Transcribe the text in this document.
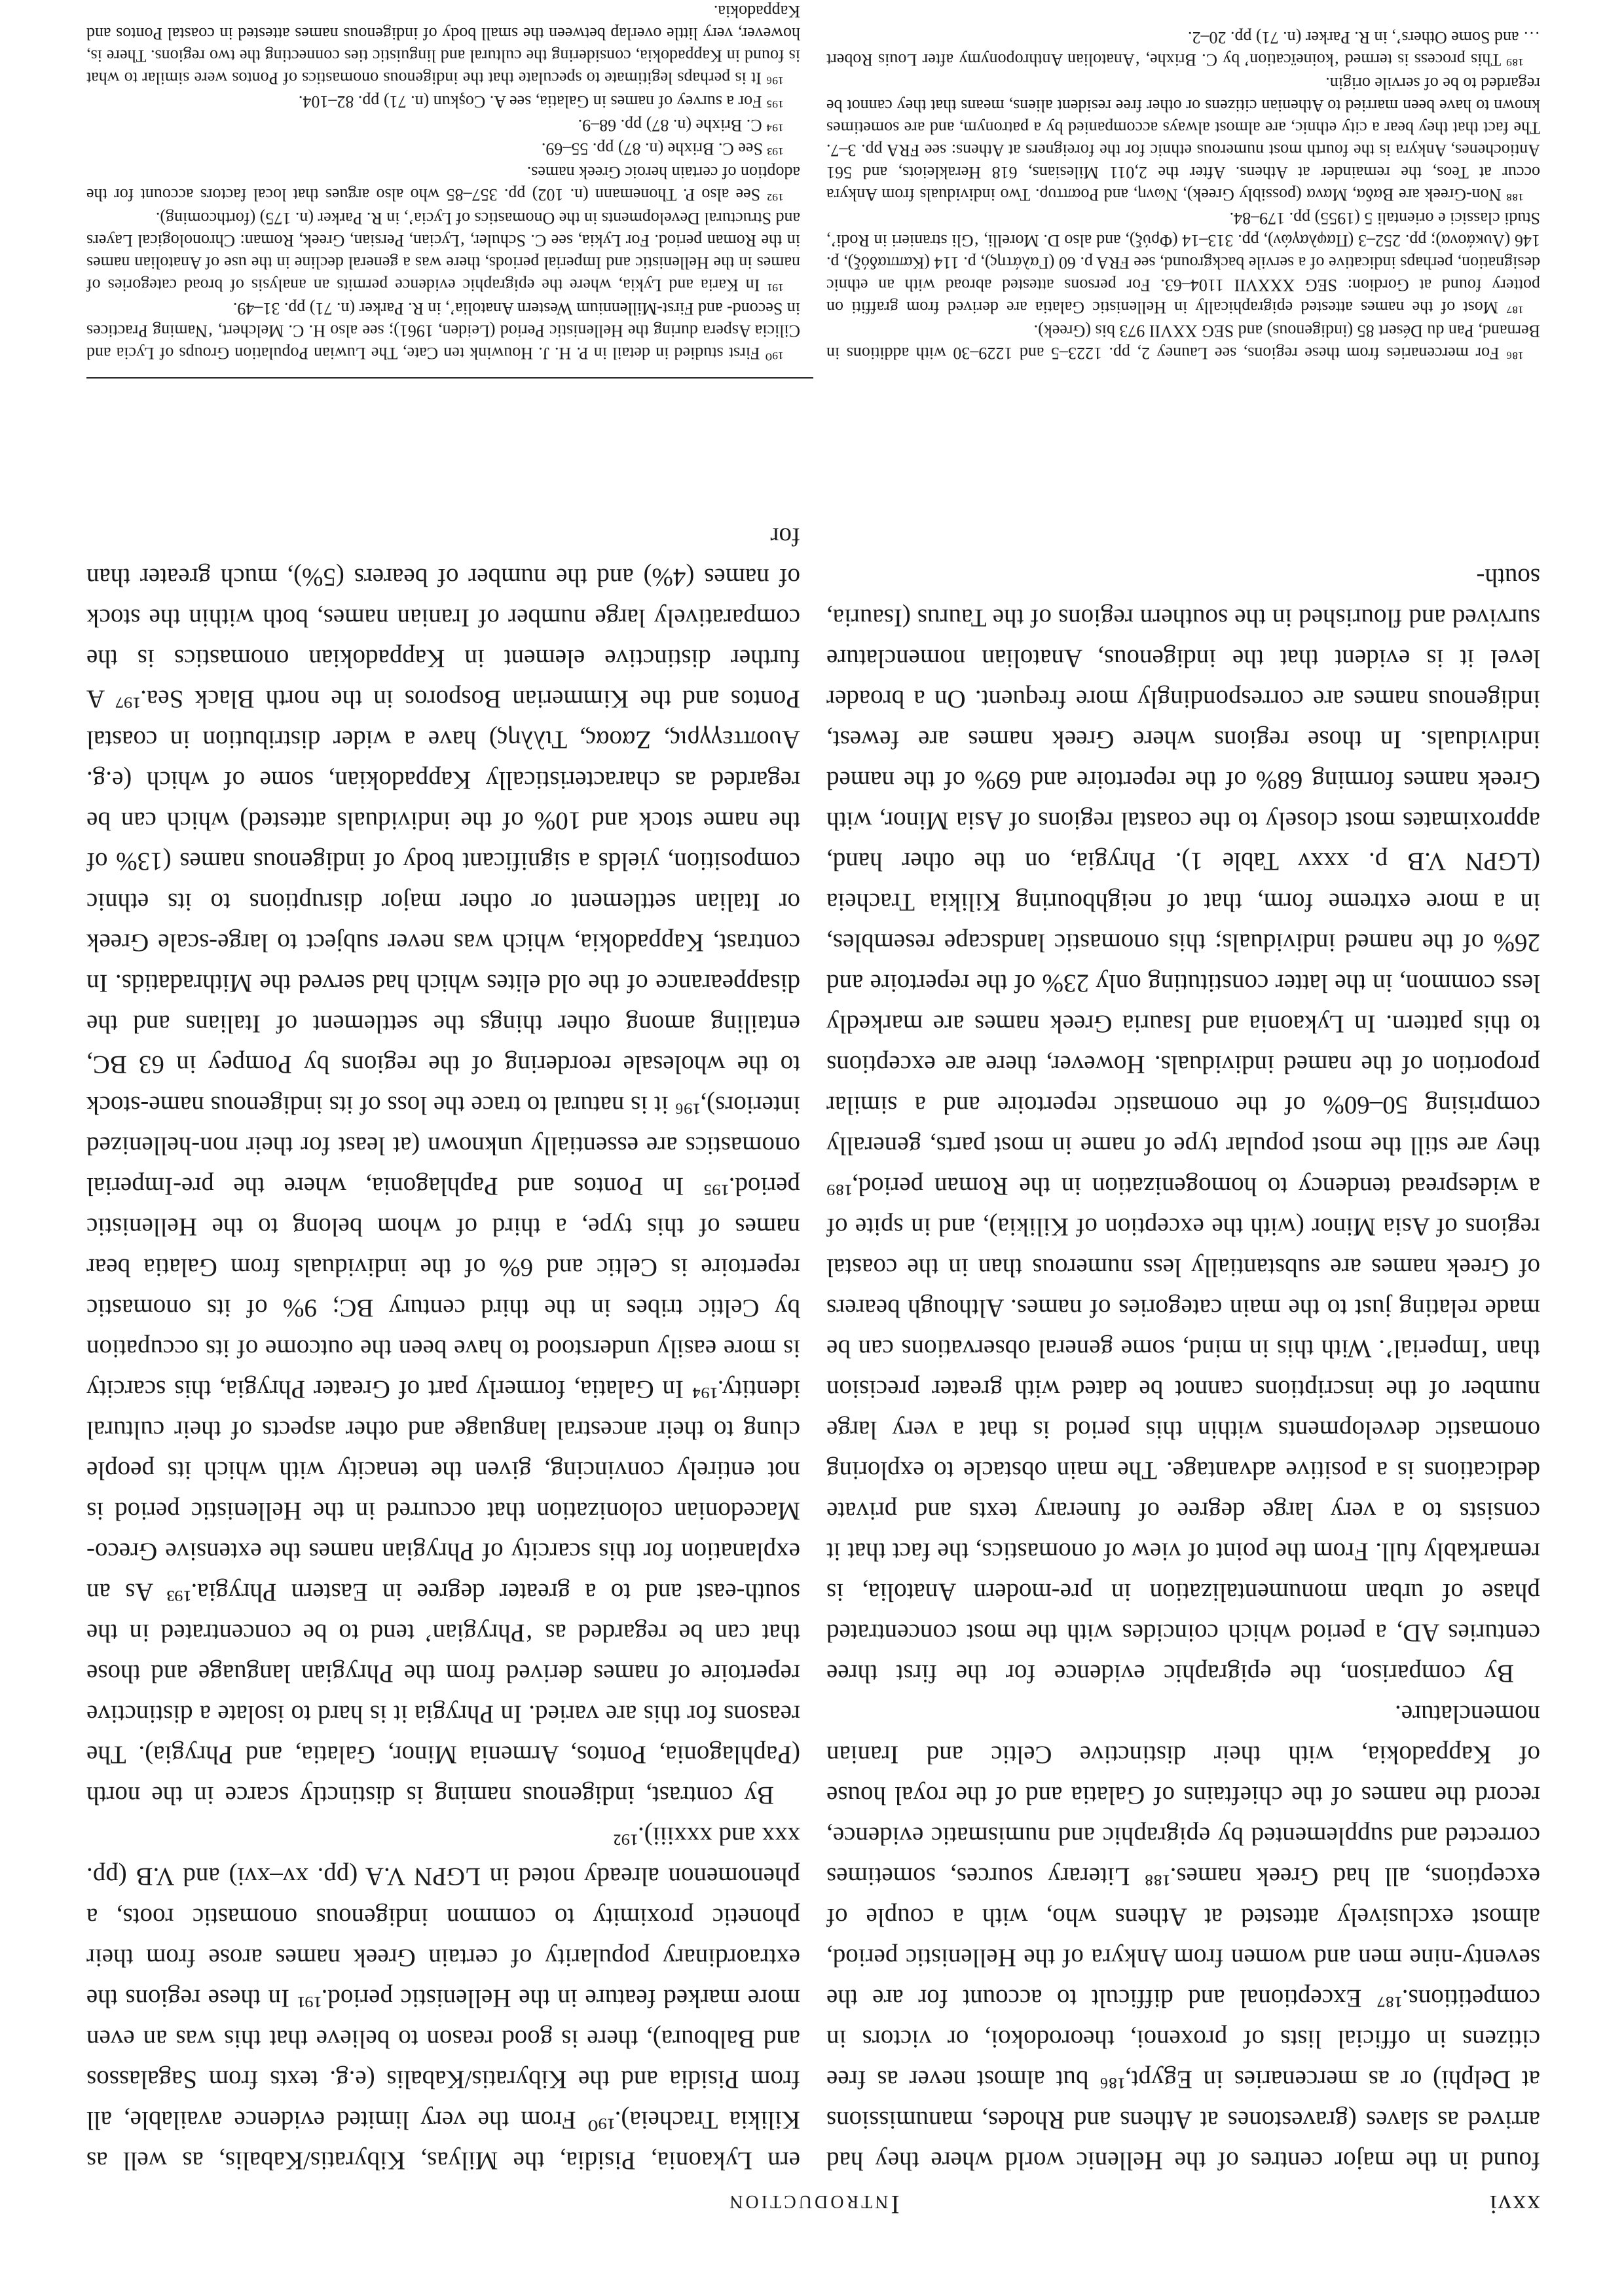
xxvi
Introduction

found in the major centres of the Hellenic world where they had arrived as slaves (gravestones at Athens and Rhodes, manumissions at Delphi) or as mercenaries in Egypt,¹⁸⁶ but almost never as free citizens in official lists of proxenoi, theorodokoi, or victors in competitions.¹⁸⁷ Exceptional and difficult to account for are the seventy-nine men and women from Ankyra of the Hellenistic period, almost exclusively attested at Athens who, with a couple of exceptions, all had Greek names.¹⁸⁸ Literary sources, sometimes corrected and supplemented by epigraphic and numismatic evidence, record the names of the chieftains of Galatia and of the royal house of Kappadokia, with their distinctive Celtic and Iranian nomenclature.

By comparison, the epigraphic evidence for the first three centuries AD, a period which coincides with the most concentrated phase of urban monumentalization in pre-modern Anatolia, is remarkably full. From the point of view of onomastics, the fact that it consists to a very large degree of funerary texts and private dedications is a positive advantage. The main obstacle to exploring onomastic developments within this period is that a very large number of the inscriptions cannot be dated with greater precision than ‘Imperial’. With this in mind, some general observations can be made relating just to the main categories of names. Although bearers of Greek names are substantially less numerous than in the coastal regions of Asia Minor (with the exception of Kilikia), and in spite of a widespread tendency to homogenization in the Roman period,¹⁸⁹ they are still the most popular type of name in most parts, generally comprising 50–60% of the onomastic repertoire and a similar proportion of the named individuals. However, there are exceptions to this pattern. In Lykaonia and Isauria Greek names are markedly less common, in the latter constituting only 23% of the repertoire and 26% of the named individuals; this onomastic landscape resembles, in a more extreme form, that of neighbouring Kilikia Tracheia (LGPN V.B p. xxxv Table 1). Phrygia, on the other hand, approximates most closely to the coastal regions of Asia Minor, with Greek names forming 68% of the repertoire and 69% of the named individuals. In those regions where Greek names are fewest, indigenous names are correspondingly more frequent. On a broader level it is evident that the indigenous, Anatolian nomenclature survived and flourished in the southern regions of the Taurus (Isauria, south-

ern Lykaonia, Pisidia, the Milyas, Kibyratis/Kabalis, as well as Kilikia Tracheia).¹⁹⁰ From the very limited evidence available, all from Pisidia and the Kibyratis/Kabalis (e.g. texts from Sagalassos and Balboura), there is good reason to believe that this was an even more marked feature in the Hellenistic period.¹⁹¹ In these regions the extraordinary popularity of certain Greek names arose from their phonetic proximity to common indigenous onomastic roots, a phenomenon already noted in LGPN V.A (pp. xv–xvi) and V.B (pp. xxx and xxxiii).¹⁹²

By contrast, indigenous naming is distinctly scarce in the north (Paphlagonia, Pontos, Armenia Minor, Galatia, and Phrygia). The reasons for this are varied. In Phrygia it is hard to isolate a distinctive repertoire of names derived from the Phrygian language and those that can be regarded as ‘Phrygian’ tend to be concentrated in the south-east and to a greater degree in Eastern Phrygia.¹⁹³ As an explanation for this scarcity of Phrygian names the extensive Greco-Macedonian colonization that occurred in the Hellenistic period is not entirely convincing, given the tenacity with which its people clung to their ancestral language and other aspects of their cultural identity.¹⁹⁴ In Galatia, formerly part of Greater Phrygia, this scarcity is more easily understood to have been the outcome of its occupation by Celtic tribes in the third century BC; 9% of its onomastic repertoire is Celtic and 6% of the individuals from Galatia bear names of this type, a third of whom belong to the Hellenistic period.¹⁹⁵ In Pontos and Paphlagonia, where the pre-Imperial onomastics are essentially unknown (at least for their non-hellenized interiors),¹⁹⁶ it is natural to trace the loss of its indigenous name-stock to the wholesale reordering of the regions by Pompey in 63 BC, entailing among other things the settlement of Italians and the disappearance of the old elites which had served the Mithradatids. In contrast, Kappadokia, which was never subject to large-scale Greek or Italian settlement or other major disruptions to its ethnic composition, yields a significant body of indigenous names (13% of the name stock and 10% of the individuals attested) which can be regarded as characteristically Kappadokian, some of which (e.g. Αυοπτεγγρις, Ζαοας, Τιλλης) have a wider distribution in coastal Pontos and the Kimmerian Bosporos in the north Black Sea.¹⁹⁷ A further distinctive element in Kappadokian onomastics is the comparatively large number of Iranian names, both within the stock of names (4%) and the number of bearers (5%), much greater than for

¹⁸⁶ For mercenaries from these regions, see Launey 2, pp. 1223–5 and 1229–30 with additions in Bernand, Pan du Désert 85 (indigenous) and SEG XXVII 973 bis (Greek).

¹⁸⁷ Most of the names attested epigraphically in Hellenistic Galatia are derived from graffiti on pottery found at Gordion: SEG XXXVII 1104–63. For persons attested abroad with an ethnic designation, perhaps indicative of a servile background, see FRA p. 60 (Γαλάτης), p. 114 (Καππαδόξ), p. 146 (Λυκάονα); pp. 252–3 (Παφλαγών), pp. 313–14 (Φρύξ), and also D. Morelli, ‘Gli stranieri in Rodi’, Studi classici e orientali 5 (1955) pp. 179–84.

¹⁸⁸ Non-Greek are Βαδα, Μανα (possibly Greek), Νωνη, and Ρoαπτυρ. Two individuals from Ankyra occur at Teos, the remainder at Athens. After the 2,011 Milesians, 618 Herakleiots, and 561 Antiochenes, Ankyra is the fourth most numerous ethnic for the foreigners at Athens: see FRA pp. 3–7. The fact that they bear a city ethnic, are almost always accompanied by a patronym, and are sometimes known to have been married to Athenian citizens or other free resident aliens, means that they cannot be regarded to be of servile origin.

¹⁸⁹ This process is termed ‘koineïcation’ by C. Brixhe, ‘Anatolian Anthroponymy after Louis Robert … and Some Others’, in R. Parker (n. 71) pp. 20–2.

¹⁹⁰ First studied in detail in P. H. J. Houwink ten Cate, The Luwian Population Groups of Lycia and Cilicia Aspera during the Hellenistic Period (Leiden, 1961); see also H. C. Melchert, ‘Naming Practices in Second- and First-Millennium Western Anatolia’, in R. Parker (n. 71) pp. 31–49.

¹⁹¹ In Karia and Lykia, where the epigraphic evidence permits an analysis of broad categories of names in the Hellenistic and Imperial periods, there was a general decline in the use of Anatolian names in the Roman period. For Lykia, see C. Schuler, ‘Lycian, Persian, Greek, Roman: Chronological Layers and Structural Developments in the Onomastics of Lycia’, in R. Parker (n. 175) (forthcoming).

¹⁹² See also P. Thonemann (n. 102) pp. 357–85 who also argues that local factors account for the adoption of certain heroic Greek names.

¹⁹³ See C. Brixhe (n. 87) pp. 55–69.

¹⁹⁴ C. Brixhe (n. 87) pp. 68–9.

¹⁹⁵ For a survey of names in Galatia, see A. Coşkun (n. 71) pp. 82–104.

¹⁹⁶ It is perhaps legitimate to speculate that the indigenous onomastics of Pontos were similar to what is found in Kappadokia, considering the cultural and linguistic ties connecting the two regions. There is, however, very little overlap between the small body of indigenous names attested in coastal Pontos and Kappadokia.
